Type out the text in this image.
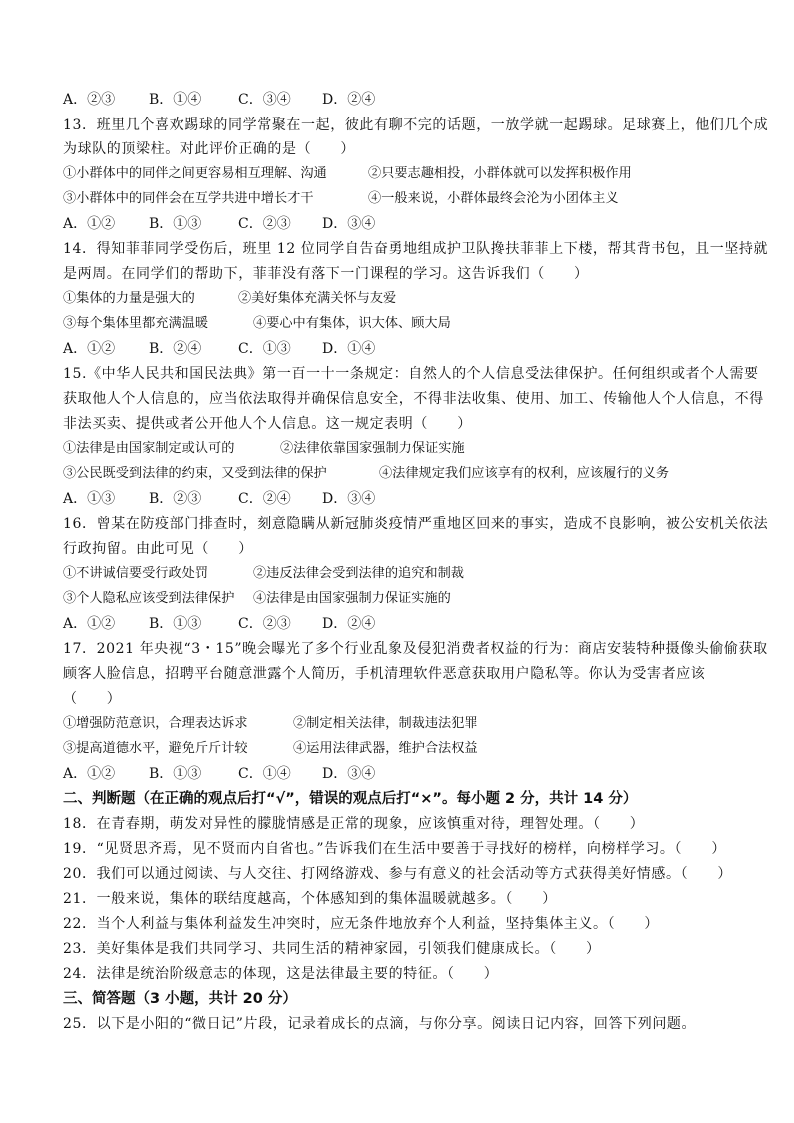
A．②③ B．①④	C．③④ D．②④
13．班里几个喜欢踢球的同学常聚在一起，彼此有聊不完的话题，一放学就一起踢球。足球赛上，他们几个成
为球队的顶梁柱。对此评价正确的是（　　）
①小群体中的同伴之间更容易相互理解、沟通	②只要志趣相投，小群体就可以发挥积极作用
③小群体中的同伴会在互学共进中增长才干	④一般来说，小群体最终会沦为小团体主义
A．①② B．①③	C．②③ D．③④
14．得知菲菲同学受伤后，班里 12 位同学自告奋勇地组成护卫队搀扶菲菲上下楼，帮其背书包，且一坚持就
是两周。在同学们的帮助下，菲菲没有落下一门课程的学习。这告诉我们（　　）
①集体的力量是强大的	②美好集体充满关怀与友爱
③每个集体里都充满温暖	④要心中有集体，识大体、顾大局
A．①② B．②④	C．①③ D．①④
15.《中华人民共和国民法典》第一百一十一条规定：自然人的个人信息受法律保护。任何组织或者个人需要
获取他人个人信息的，应当依法取得并确保信息安全，不得非法收集、使用、加工、传输他人个人信息，不得
非法买卖、提供或者公开他人个人信息。这一规定表明（　　）
①法律是由国家制定或认可的	②法律依靠国家强制力保证实施
③公民既受到法律的约束，又受到法律的保护	④法律规定我们应该享有的权利，应该履行的义务
A．①③ B．②③	C．②④ D．③④
16．曾某在防疫部门排查时，刻意隐瞒从新冠肺炎疫情严重地区回来的事实，造成不良影响，被公安机关依法
行政拘留。由此可见（　　）
①不讲诚信要受行政处罚	②违反法律会受到法律的追究和制裁
③个人隐私应该受到法律保护 ④法律是由国家强制力保证实施的
A．①② B．①③	C．②③ D．②④
17．2021 年央视“3・15”晚会曝光了多个行业乱象及侵犯消费者权益的行为：商店安装特种摄像头偷偷获取
顾客人脸信息，招聘平台随意泄露个人简历，手机清理软件恶意获取用户隐私等。你认为受害者应该
（　　）
①增强防范意识，合理表达诉求	②制定相关法律，制裁违法犯罪
③提高道德水平，避免斤斤计较	④运用法律武器，维护合法权益
A．①② B．①③	C．①④ D．③④
二、判断题（在正确的观点后打“√”，错误的观点后打“×”。每小题 2 分，共计 14 分）
18．在青春期，萌发对异性的朦胧情感是正常的现象，应该慎重对待，理智处理。（　　）
19．“见贤思齐焉，见不贤而内自省也。”告诉我们在生活中要善于寻找好的榜样，向榜样学习。（　　）
20．我们可以通过阅读、与人交往、打网络游戏、参与有意义的社会活动等方式获得美好情感。（　　）
21．一般来说，集体的联结度越高，个体感知到的集体温暖就越多。（　　）
22．当个人利益与集体利益发生冲突时，应无条件地放弃个人利益，坚持集体主义。（　　）
23．美好集体是我们共同学习、共同生活的精神家园，引领我们健康成长。（　　）
24．法律是统治阶级意志的体现，这是法律最主要的特征。（　　）
三、简答题（3 小题，共计 20 分）
25．以下是小阳的“微日记”片段，记录着成长的点滴，与你分享。阅读日记内容，回答下列问题。
